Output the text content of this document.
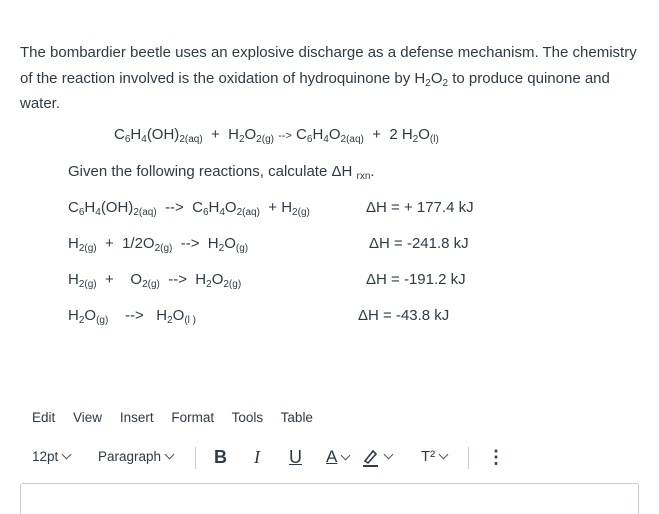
The bombardier beetle uses an explosive discharge as a defense mechanism. The chemistry of the reaction involved is the oxidation of hydroquinone by $H_2O_2$ to produce quinone and water.
$C_6H_4(OH)_{2(aq)} + H_2O_{2(g)}$ --> $C_6H_4O_{2(aq)} + 2$ $H_2O_{(l)}$
Given the following reactions, calculate ΔH $_{rxn}$.
$C_6H_4(OH)_{2(aq)}$  -->  $C_6H_4O_{2(aq)} + H_{2(g)}$	ΔH = + 177.4 kJ
$H_{2(g)} + 1/2O_{2(g)}$  -->  $H_2O_{(g)}$	ΔH = -241.8 kJ
$H_{2(g)}$  +    $O_{2(g)}$  -->  $H_2O_{2(g)}$	ΔH = -191.2 kJ
$H_2O_{(g)}$    -->   $H_2O_{(l )}$	ΔH = -43.8 kJ
Edit View Insert Format Tools Table
12pt	Paragraph	B I U A	T²	⋮
